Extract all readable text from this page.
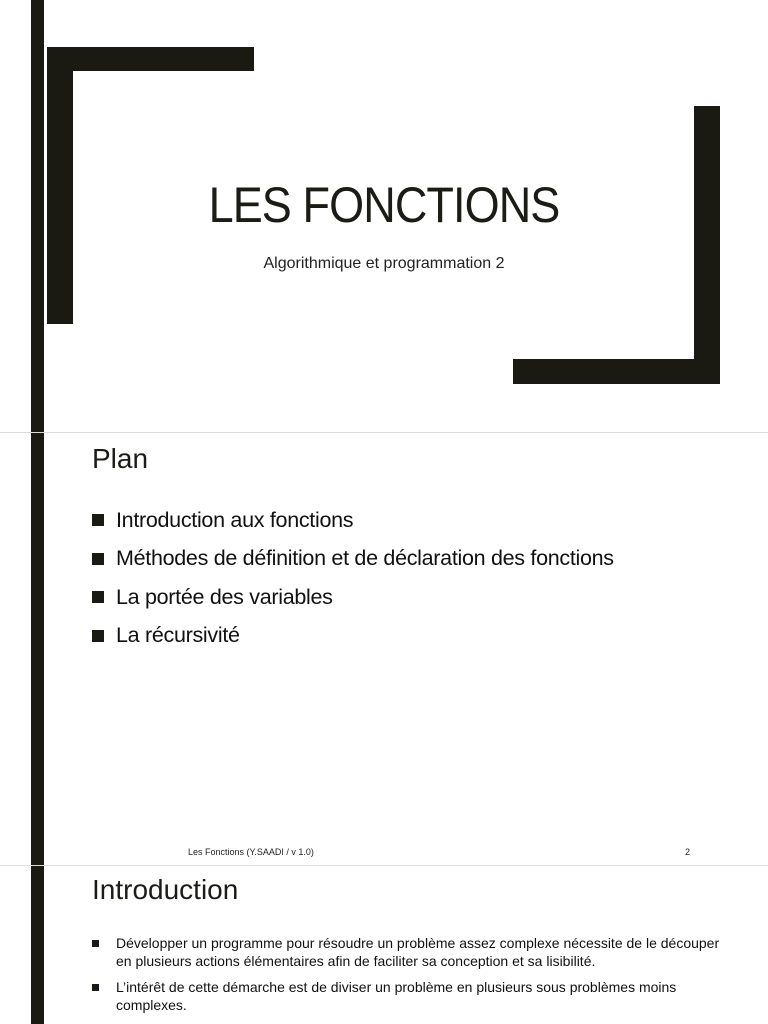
LES FONCTIONS
Algorithmique et programmation 2
Plan
Introduction aux fonctions
Méthodes de définition et de déclaration des fonctions
La portée des variables
La récursivité
Les Fonctions (Y.SAADI / v 1.0)	2
Introduction
Développer un programme pour résoudre un problème assez complexe nécessite de le découper en plusieurs actions élémentaires afin de faciliter sa conception et sa lisibilité.
L’intérêt de cette démarche est de diviser un problème en plusieurs sous problèmes moins complexes.
